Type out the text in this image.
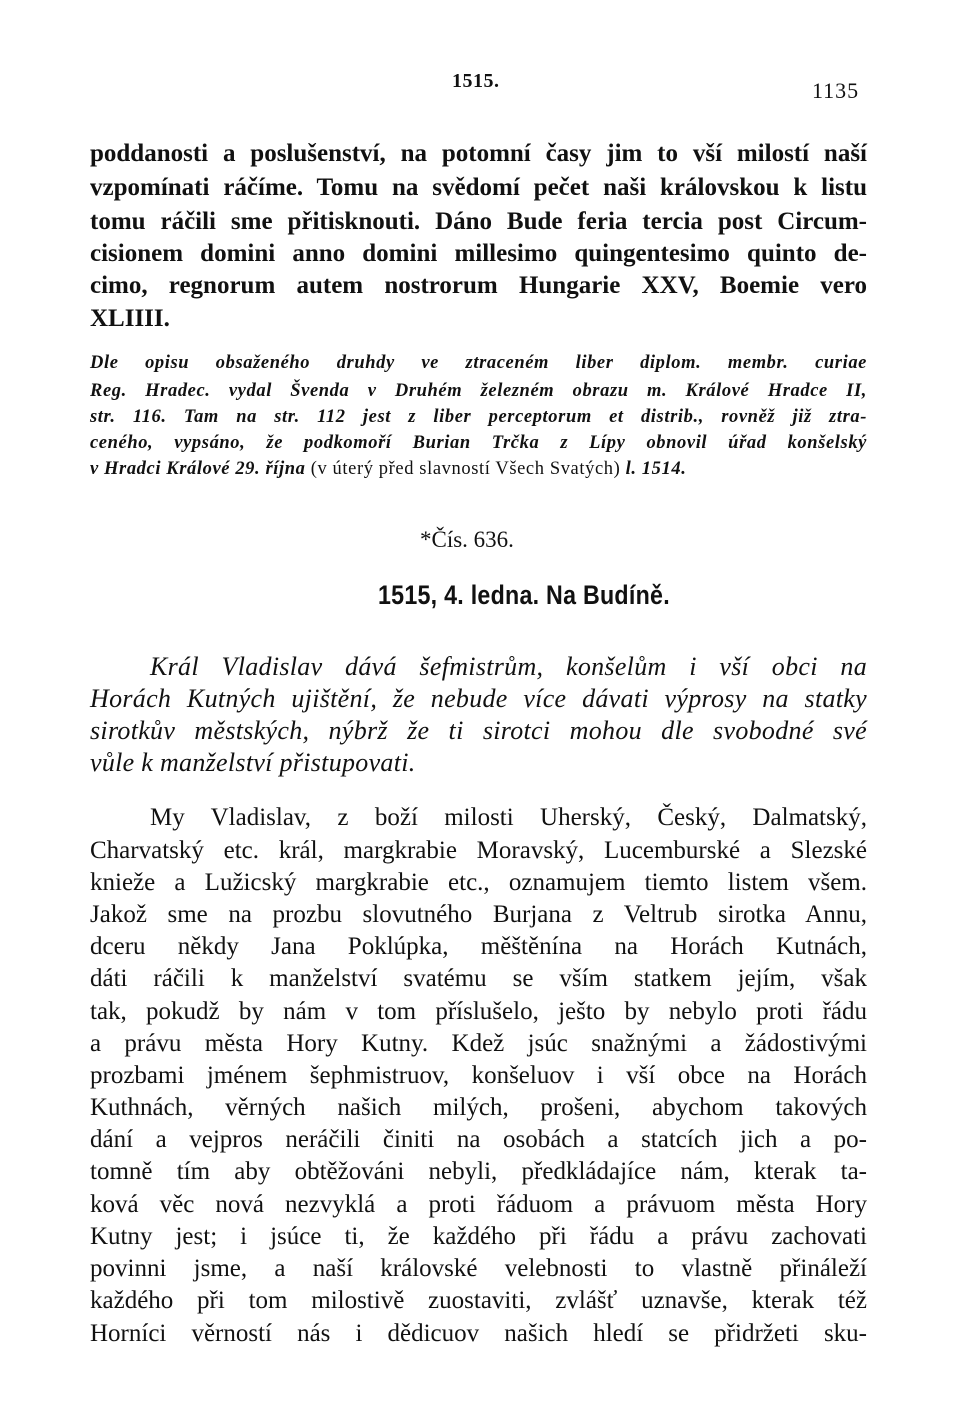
1515.	1135
poddanosti a poslušenství, na potomní časy jim to vší milostí naší
vzpomínati ráčíme. Tomu na svědomí pečet naši královskou k listu
tomu ráčili sme přitisknouti. Dáno Bude feria tercia post Circum-
cisionem domini anno domini millesimo quingentesimo quinto de-
cimo, regnorum autem nostrorum Hungarie XXV, Boemie vero
XLIIII.
Dle opisu obsaženého druhdy ve ztraceném liber diplom. membr. curiae
Reg. Hradec. vydal Švenda v Druhém železném obrazu m. Králové Hradce II,
str. 116. Tam na str. 112 jest z liber perceptorum et distrib., rovněž již ztra-
ceného, vypsáno, že podkomoří Burian Trčka z Lípy obnovil úřad konšelský
v Hradci Králové 29. října (v úterý před slavností Všech Svatých) l. 1514.
*Čís. 636.
1515, 4. ledna. Na Budíně.
Král Vladislav dává šefmistrům, konšelům i vší obci na
Horách Kutných ujištění, že nebude více dávati výprosy na statky
sirotkův městských, nýbrž že ti sirotci mohou dle svobodné své
vůle k manželství přistupovati.
My Vladislav, z boží milosti Uherský, Český, Dalmatský,
Charvatský etc. král, margkrabie Moravský, Lucemburské a Slezské
knieže a Lužicský margkrabie etc., oznamujem tiemto listem všem.
Jakož sme na prozbu slovutného Burjana z Veltrub sirotka Annu,
dceru někdy Jana Poklúpka, měštěnína na Horách Kutnách,
dáti ráčili k manželství svatému se vším statkem jejím, však
tak, pokudž by nám v tom příslušelo, ješto by nebylo proti řádu
a právu města Hory Kutny. Kdež jsúc snažnými a žádostivými
prozbami jménem šephmistruov, konšeluov i vší obce na Horách
Kuthnách, věrných našich milých, prošeni, abychom takových
dání a vejpros neráčili činiti na osobách a statcích jich a po-
tomně tím aby obtěžováni nebyli, předkládajíce nám, kterak ta-
ková věc nová nezvyklá a proti řáduom a právuom města Hory
Kutny jest; i jsúce ti, že každého při řádu a právu zachovati
povinni jsme, a naší královské velebnosti to vlastně přináleží
každého při tom milostivě zuostaviti, zvlášť uznavše, kterak též
Horníci věrností nás i dědicuov našich hledí se přidržeti sku-
